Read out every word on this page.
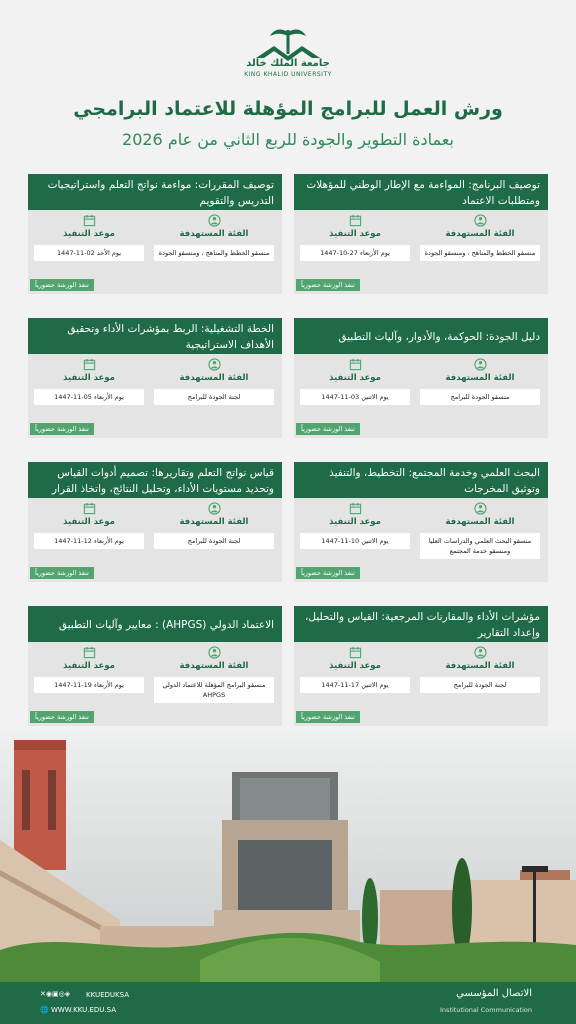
جامعة الملك خالد
KING KHALID UNIVERSITY
ورش العمل للبرامج المؤهلة للاعتماد البرامجي
بعمادة التطوير والجودة للربع الثاني من عام 2026
توصيف البرنامج: المواءمة مع الإطار الوطني للمؤهلات ومتطلبات الاعتماد
الفئة المستهدفة
منسقو الخطط والمناهج ، ومنسقو الجودة
موعد التنفيذ
يوم الأربعاء 27-10-1447
تنفذ الورشة حضورياً
توصيف المقررات: مواءمة نواتج التعلم واستراتيجيات التدريس والتقويم
الفئة المستهدفة
منسقو الخطط والمناهج ، ومنسقو الجودة
موعد التنفيذ
يوم الأحد 02-11-1447
تنفذ الورشة حضورياً
دليل الجودة: الحوكمة، والأدوار، وآليات التطبيق
الفئة المستهدفة
منسقو الجودة للبرامج
موعد التنفيذ
يوم الاثنين 03-11-1447
تنفذ الورشة حضورياً
الخطة التشغيلية: الربط بمؤشرات الأداء وتحقيق الأهداف الاستراتيجية
الفئة المستهدفة
لجنة الجودة للبرامج
موعد التنفيذ
يوم الأربعاء 05-11-1447
تنفذ الورشة حضورياً
البحث العلمي وخدمة المجتمع: التخطيط، والتنفيذ وتوثيق المخرجات
الفئة المستهدفة
منسقو البحث العلمي والدراسات العليا ومنسقو خدمة المجتمع
موعد التنفيذ
يوم الاثنين 10-11-1447
تنفذ الورشة حضورياً
قياس نواتج التعلم وتقاريرها: تصميم أدوات القياس وتحديد مستويات الأداء، وتحليل النتائج، واتخاذ القرار
الفئة المستهدفة
لجنة الجودة للبرامج
موعد التنفيذ
يوم الأربعاء 12-11-1447
تنفذ الورشة حضورياً
مؤشرات الأداء والمقارنات المرجعية: القياس والتحليل، وإعداد التقارير
الفئة المستهدفة
لجنة الجودة للبرامج
موعد التنفيذ
يوم الاثنين 17-11-1447
تنفذ الورشة حضورياً
الاعتماد الدولي (AHPGS) : معايير وآليات التطبيق
الفئة المستهدفة
منسقو البرامج المؤهلة للاعتماد الدولي AHPGS
موعد التنفيذ
يوم الأربعاء 19-11-1447
تنفذ الورشة حضورياً
✕◉▣◎◈ KKUEDUKSA
🌐 WWW.KKU.EDU.SA
الاتصال المؤسسي
Institutional Communication
